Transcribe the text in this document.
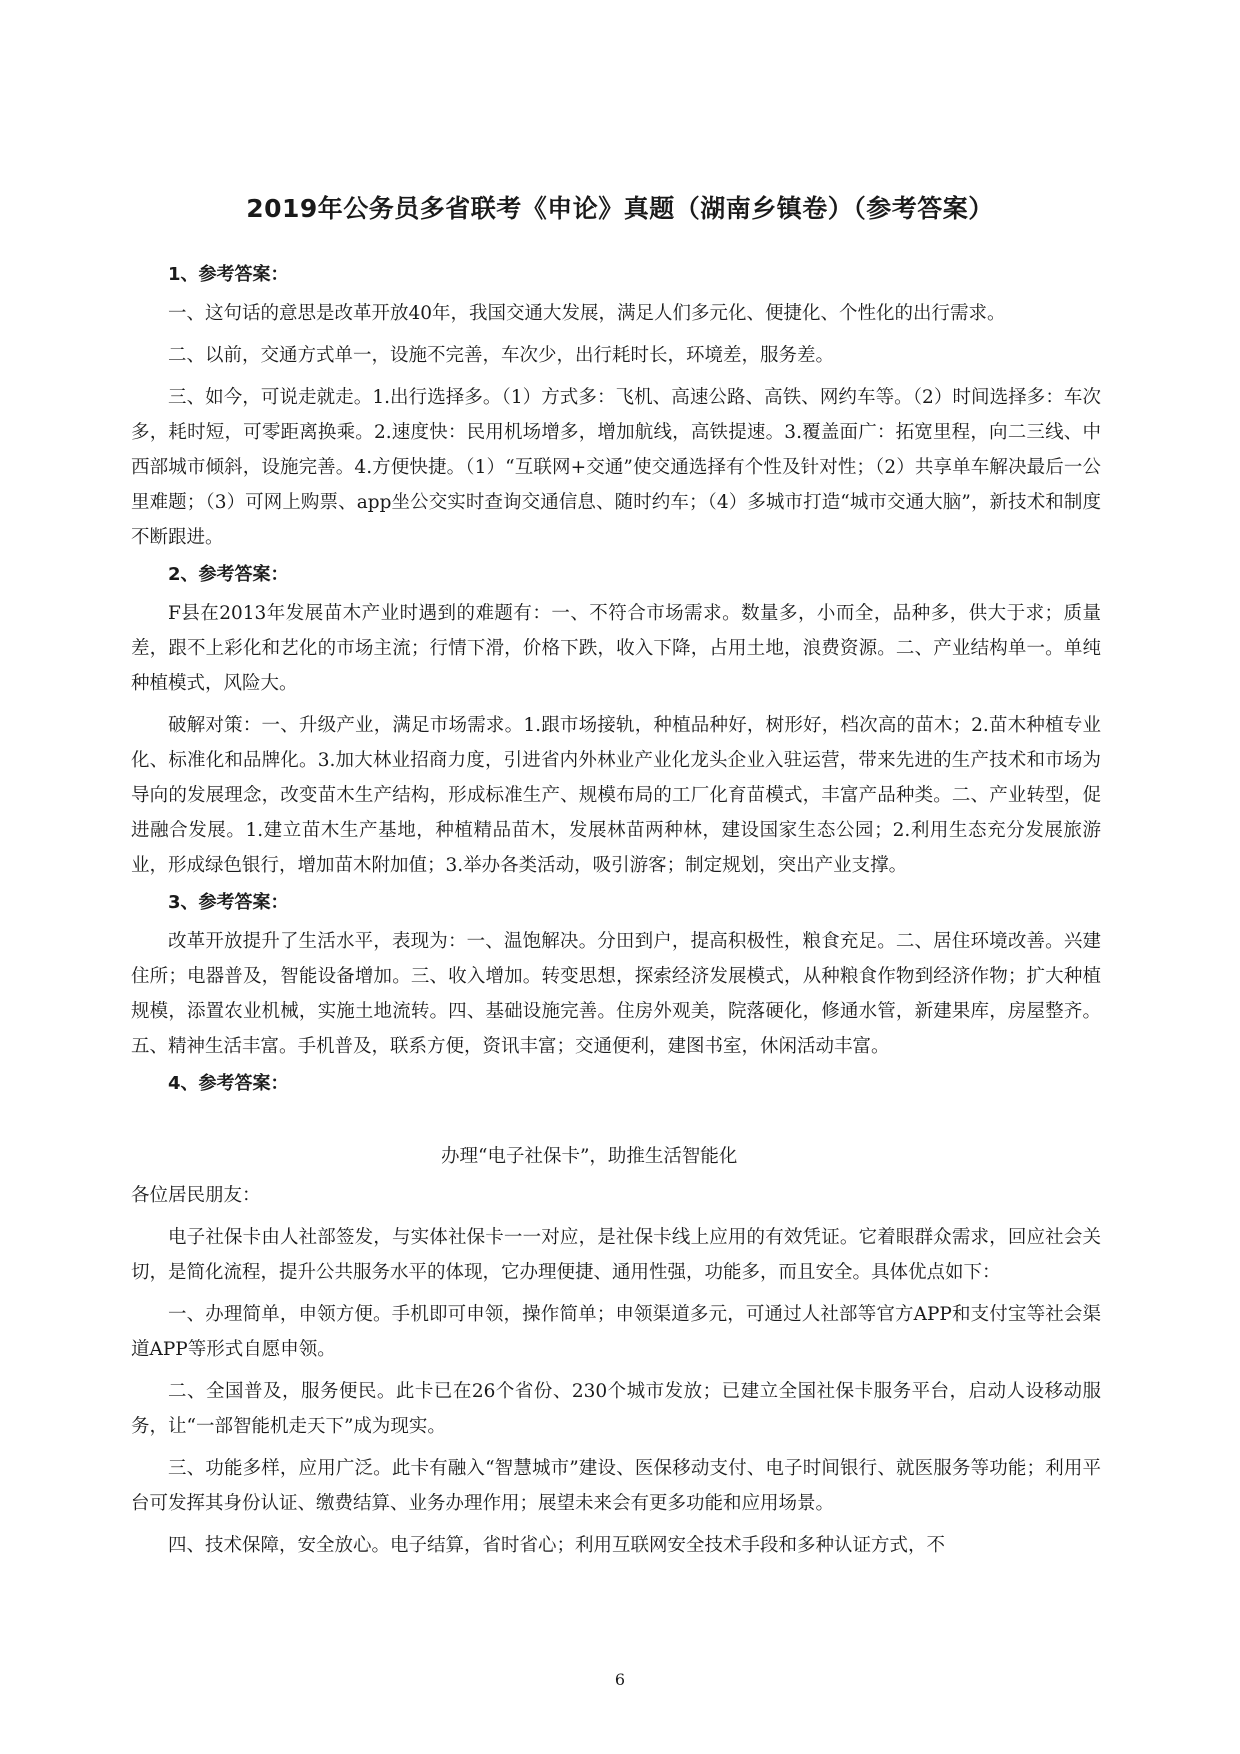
2019年公务员多省联考《申论》真题（湖南乡镇卷）（参考答案）
1、参考答案：

一、这句话的意思是改革开放40年，我国交通大发展，满足人们多元化、便捷化、个性化的出行需求。

二、以前，交通方式单一，设施不完善，车次少，出行耗时长，环境差，服务差。

三、如今，可说走就走。1.出行选择多。（1）方式多：飞机、高速公路、高铁、网约车等。（2）时间选择多：车次多，耗时短，可零距离换乘。2.速度快：民用机场增多，增加航线，高铁提速。3.覆盖面广：拓宽里程，向二三线、中西部城市倾斜，设施完善。4.方便快捷。（1）“互联网+交通”使交通选择有个性及针对性；（2）共享单车解决最后一公里难题；（3）可网上购票、app坐公交实时查询交通信息、随时约车；（4）多城市打造“城市交通大脑”，新技术和制度不断跟进。

2、参考答案：

F县在2013年发展苗木产业时遇到的难题有：一、不符合市场需求。数量多，小而全，品种多，供大于求；质量差，跟不上彩化和艺化的市场主流；行情下滑，价格下跌，收入下降，占用土地，浪费资源。二、产业结构单一。单纯种植模式，风险大。

破解对策：一、升级产业，满足市场需求。1.跟市场接轨，种植品种好，树形好，档次高的苗木；2.苗木种植专业化、标准化和品牌化。3.加大林业招商力度，引进省内外林业产业化龙头企业入驻运营，带来先进的生产技术和市场为导向的发展理念，改变苗木生产结构，形成标准生产、规模布局的工厂化育苗模式，丰富产品种类。二、产业转型，促进融合发展。1.建立苗木生产基地，种植精品苗木，发展林苗两种林，建设国家生态公园；2.利用生态充分发展旅游业，形成绿色银行，增加苗木附加值；3.举办各类活动，吸引游客；制定规划，突出产业支撑。

3、参考答案：

改革开放提升了生活水平，表现为：一、温饱解决。分田到户，提高积极性，粮食充足。二、居住环境改善。兴建住所；电器普及，智能设备增加。三、收入增加。转变思想，探索经济发展模式，从种粮食作物到经济作物；扩大种植规模，添置农业机械，实施土地流转。四、基础设施完善。住房外观美，院落硬化，修通水管，新建果库，房屋整齐。五、精神生活丰富。手机普及，联系方便，资讯丰富；交通便利，建图书室，休闲活动丰富。

4、参考答案：
办理“电子社保卡”，助推生活智能化

各位居民朋友：

电子社保卡由人社部签发，与实体社保卡一一对应，是社保卡线上应用的有效凭证。它着眼群众需求，回应社会关切，是简化流程，提升公共服务水平的体现，它办理便捷、通用性强，功能多，而且安全。具体优点如下：

一、办理简单，申领方便。手机即可申领，操作简单；申领渠道多元，可通过人社部等官方APP和支付宝等社会渠道APP等形式自愿申领。

二、全国普及，服务便民。此卡已在26个省份、230个城市发放；已建立全国社保卡服务平台，启动人设移动服务，让“一部智能机走天下”成为现实。

三、功能多样，应用广泛。此卡有融入“智慧城市”建设、医保移动支付、电子时间银行、就医服务等功能；利用平台可发挥其身份认证、缴费结算、业务办理作用；展望未来会有更多功能和应用场景。

四、技术保障，安全放心。电子结算，省时省心；利用互联网安全技术手段和多种认证方式，不

6
